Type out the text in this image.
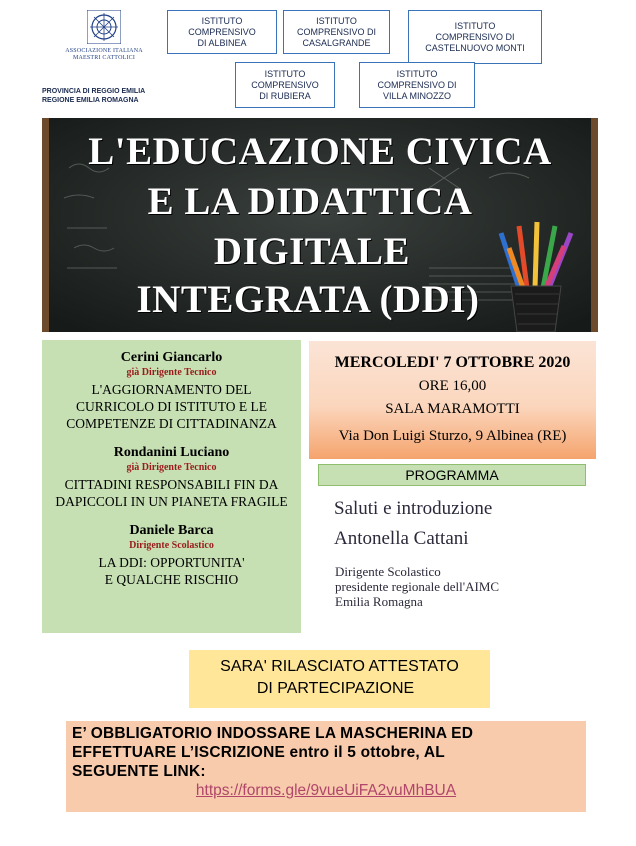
ASSOCIAZIONE ITALIANA
MAESTRI CATTOLICI
PROVINCIA DI REGGIO EMILIA
REGIONE EMILIA ROMAGNA
ISTITUTO
COMPRENSIVO
DI ALBINEA
ISTITUTO
COMPRENSIVO DI
CASALGRANDE
ISTITUTO
COMPRENSIVO DI
CASTELNUOVO MONTI
ISTITUTO
COMPRENSIVO
DI RUBIERA
ISTITUTO
COMPRENSIVO DI
VILLA MINOZZO
L'EDUCAZIONE CIVICA
E LA DIDATTICA
DIGITALE
INTEGRATA (DDI)
Cerini Giancarlo
già Dirigente Tecnico
L'AGGIORNAMENTO DEL
CURRICOLO DI ISTITUTO E LE
COMPETENZE DI CITTADINANZA
Rondanini Luciano
già Dirigente Tecnico
CITTADINI RESPONSABILI FIN DA
DAPICCOLI IN UN PIANETA FRAGILE
Daniele Barca
Dirigente Scolastico
LA DDI: OPPORTUNITA'
E QUALCHE RISCHIO
MERCOLEDI' 7 OTTOBRE 2020
ORE 16,00
SALA MARAMOTTI
Via Don Luigi Sturzo, 9 Albinea (RE)
PROGRAMMA
Saluti e introduzione
Antonella Cattani
Dirigente Scolastico
presidente regionale dell'AIMC
Emilia Romagna
SARA' RILASCIATO ATTESTATO
DI PARTECIPAZIONE
E’ OBBLIGATORIO INDOSSARE LA MASCHERINA ED
EFFETTUARE L’ISCRIZIONE entro il 5 ottobre, AL
SEGUENTE LINK:
https://forms.gle/9vueUiFA2vuMhBUA
